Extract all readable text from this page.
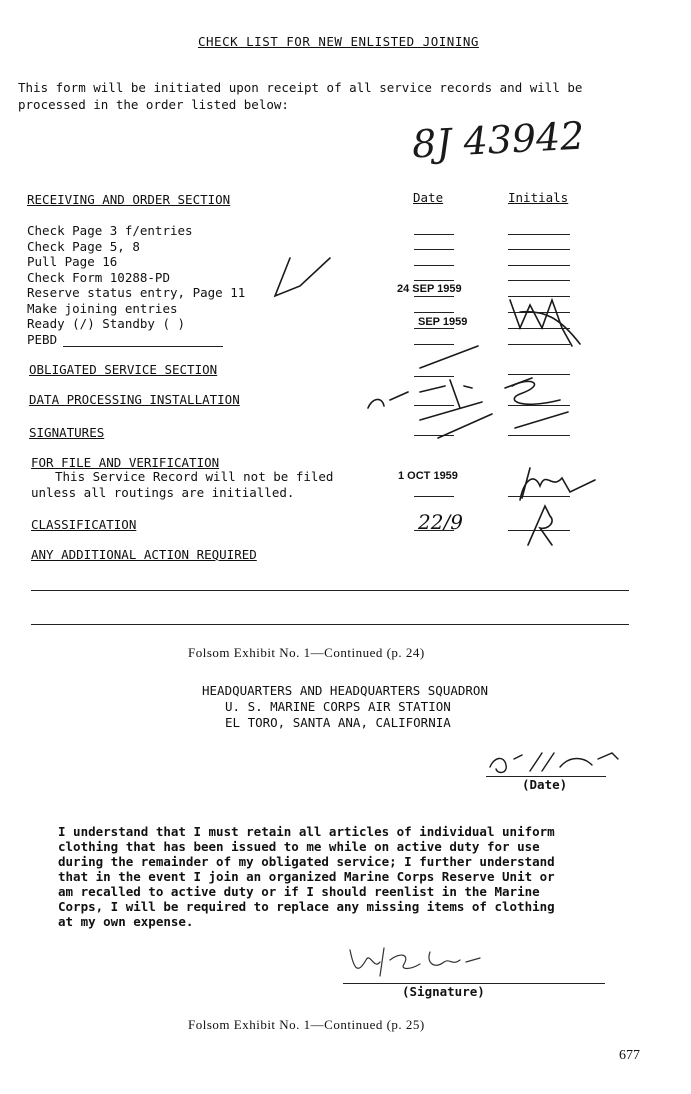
CHECK LIST FOR NEW ENLISTED JOINING
This form will be initiated upon receipt of all service records and will be
processed in the order listed below:
8J 43942
Date	Initials
RECEIVING AND ORDER SECTION
Check Page 3 f/entries
Check Page 5, 8
Pull Page 16
Check Form 10288-PD
Reserve status entry, Page 11
Make joining entries
Ready (/) Standby ( )
PEBD
24 SEP 1959
SEP 1959
OBLIGATED SERVICE SECTION
DATA PROCESSING INSTALLATION
SIGNATURES
FOR FILE AND VERIFICATION
This Service Record will not be filed
unless all routings are initialled.
1 OCT 1959
CLASSIFICATION	22/9
ANY ADDITIONAL ACTION REQUIRED
Folsom Exhibit No. 1—Continued (p. 24)
HEADQUARTERS AND HEADQUARTERS SQUADRON
U. S. MARINE CORPS AIR STATION
EL TORO, SANTA ANA, CALIFORNIA
(Date)
I understand that I must retain all articles of individual uniform
clothing that has been issued to me while on active duty for use
during the remainder of my obligated service; I further understand
that in the event I join an organized Marine Corps Reserve Unit or
am recalled to active duty or if I should reenlist in the Marine
Corps, I will be required to replace any missing items of clothing
at my own expense.
(Signature)
Folsom Exhibit No. 1—Continued (p. 25)
677
